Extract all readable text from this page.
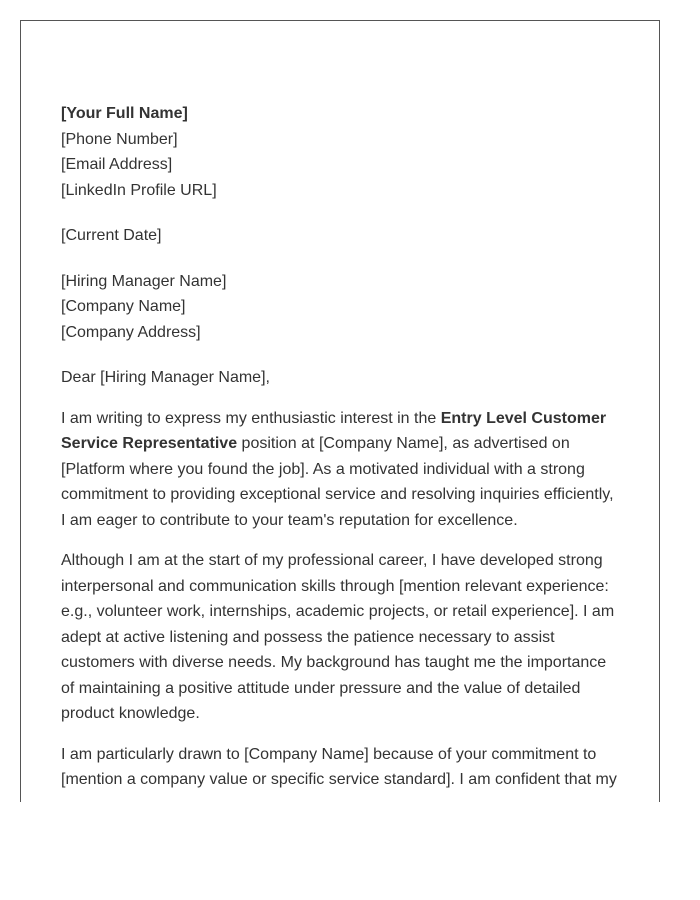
[Your Full Name]
[Phone Number]
[Email Address]
[LinkedIn Profile URL]
[Current Date]
[Hiring Manager Name]
[Company Name]
[Company Address]
Dear [Hiring Manager Name],

I am writing to express my enthusiastic interest in the Entry Level Customer Service Representative position at [Company Name], as advertised on [Platform where you found the job]. As a motivated individual with a strong commitment to providing exceptional service and resolving inquiries efficiently, I am eager to contribute to your team's reputation for excellence.

Although I am at the start of my professional career, I have developed strong interpersonal and communication skills through [mention relevant experience: e.g., volunteer work, internships, academic projects, or retail experience]. I am adept at active listening and possess the patience necessary to assist customers with diverse needs. My background has taught me the importance of maintaining a positive attitude under pressure and the value of detailed product knowledge.

I am particularly drawn to [Company Name] because of your commitment to [mention a company value or specific service standard]. I am confident that my
